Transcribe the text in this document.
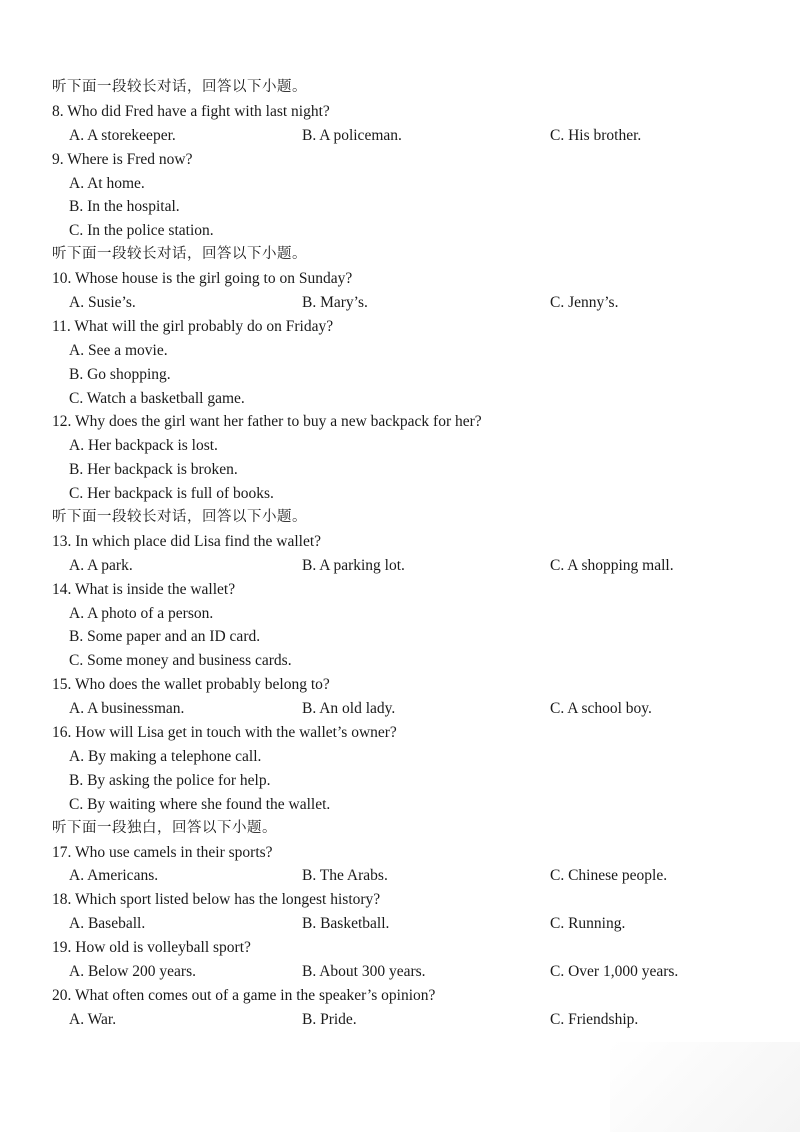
听下面一段较长对话，回答以下小题。
8. Who did Fred have a fight with last night?
A. A storekeeper.	B. A policeman.	C. His brother.
9. Where is Fred now?
A. At home.
B. In the hospital.
C. In the police station.
听下面一段较长对话，回答以下小题。
10. Whose house is the girl going to on Sunday?
A. Susie’s.	B. Mary’s.	C. Jenny’s.
11. What will the girl probably do on Friday?
A. See a movie.
B. Go shopping.
C. Watch a basketball game.
12. Why does the girl want her father to buy a new backpack for her?
A. Her backpack is lost.
B. Her backpack is broken.
C. Her backpack is full of books.
听下面一段较长对话，回答以下小题。
13. In which place did Lisa find the wallet?
A. A park.	B. A parking lot.	C. A shopping mall.
14. What is inside the wallet?
A. A photo of a person.
B. Some paper and an ID card.
C. Some money and business cards.
15. Who does the wallet probably belong to?
A. A businessman.	B. An old lady.	C. A school boy.
16. How will Lisa get in touch with the wallet’s owner?
A. By making a telephone call.
B. By asking the police for help.
C. By waiting where she found the wallet.
听下面一段独白，回答以下小题。
17. Who use camels in their sports?
A. Americans.	B. The Arabs.	C. Chinese people.
18. Which sport listed below has the longest history?
A. Baseball.	B. Basketball.	C. Running.
19. How old is volleyball sport?
A. Below 200 years.	B. About 300 years.	C. Over 1,000 years.
20. What often comes out of a game in the speaker’s opinion?
A. War.	B. Pride.	C. Friendship.
